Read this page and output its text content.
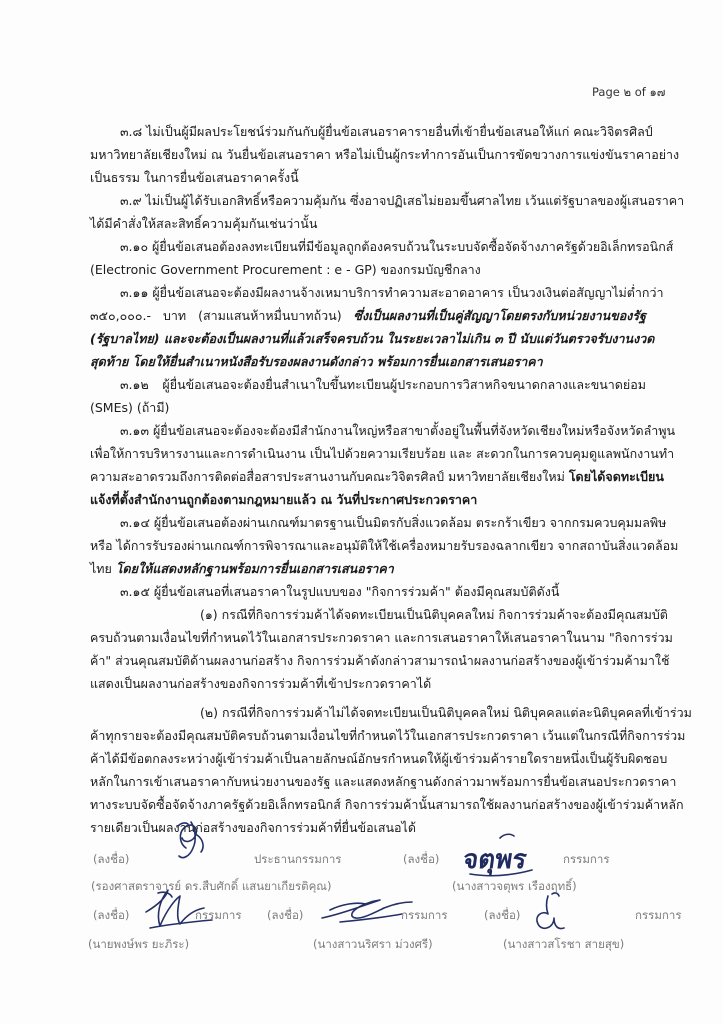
Page ๒ of ๑๗
๓.๘ ไม่เป็นผู้มีผลประโยชน์ร่วมกันกับผู้ยื่นข้อเสนอราคารายอื่นที่เข้ายื่นข้อเสนอให้แก่ คณะวิจิตรศิลป์
มหาวิทยาลัยเชียงใหม่ ณ วันยื่นข้อเสนอราคา หรือไม่เป็นผู้กระทำการอันเป็นการขัดขวางการแข่งขันราคาอย่าง
เป็นธรรม ในการยื่นข้อเสนอราคาครั้งนี้
๓.๙ ไม่เป็นผู้ได้รับเอกสิทธิ์หรือความคุ้มกัน ซึ่งอาจปฏิเสธไม่ยอมขึ้นศาลไทย เว้นแต่รัฐบาลของผู้เสนอราคา
ได้มีคำสั่งให้สละสิทธิ์ความคุ้มกันเช่นว่านั้น
๓.๑๐ ผู้ยื่นข้อเสนอต้องลงทะเบียนที่มีข้อมูลถูกต้องครบถ้วนในระบบจัดซื้อจัดจ้างภาครัฐด้วยอิเล็กทรอนิกส์
(Electronic Government Procurement : e - GP) ของกรมบัญชีกลาง
๓.๑๑ ผู้ยื่นข้อเสนอจะต้องมีผลงานจ้างเหมาบริการทำความสะอาดอาคาร เป็นวงเงินต่อสัญญาไม่ต่ำกว่า
๓๕๐,๐๐๐.- บาท (สามแสนห้าหมื่นบาทถ้วน) ซึ่งเป็นผลงานที่เป็นคู่สัญญาโดยตรงกับหน่วยงานของรัฐ
(รัฐบาลไทย) และจะต้องเป็นผลงานที่แล้วเสร็จครบถ้วน ในระยะเวลาไม่เกิน ๓ ปี นับแต่วันตรวจรับงานงวด
สุดท้าย โดยให้ยื่นสำเนาหนังสือรับรองผลงานดังกล่าว พร้อมการยื่นเอกสารเสนอราคา
๓.๑๒ ผู้ยื่นข้อเสนอจะต้องยื่นสำเนาใบขึ้นทะเบียนผู้ประกอบการวิสาหกิจขนาดกลางและขนาดย่อม
(SMEs) (ถ้ามี)
๓.๑๓ ผู้ยื่นข้อเสนอจะต้องจะต้องมีสำนักงานใหญ่หรือสาขาตั้งอยู่ในพื้นที่จังหวัดเชียงใหม่หรือจังหวัดลำพูน
เพื่อให้การบริหารงานและการดำเนินงาน เป็นไปด้วยความเรียบร้อย และ สะดวกในการควบคุมดูแลพนักงานทำ
ความสะอาดรวมถึงการติดต่อสื่อสารประสานงานกับคณะวิจิตรศิลป์ มหาวิทยาลัยเชียงใหม่ โดยได้จดทะเบียน
แจ้งที่ตั้งสำนักงานถูกต้องตามกฎหมายแล้ว ณ วันที่ประกาศประกวดราคา
๓.๑๔ ผู้ยื่นข้อเสนอต้องผ่านเกณฑ์มาตรฐานเป็นมิตรกับสิ่งแวดล้อม ตระกร้าเขียว จากกรมควบคุมมลพิษ
หรือ ได้การรับรองผ่านเกณฑ์การพิจารณาและอนุมัติให้ใช้เครื่องหมายรับรองฉลากเขียว จากสถาบันสิ่งแวดล้อม
ไทย โดยให้แสดงหลักฐานพร้อมการยื่นเอกสารเสนอราคา
๓.๑๕ ผู้ยื่นข้อเสนอที่เสนอราคาในรูปแบบของ "กิจการร่วมค้า" ต้องมีคุณสมบัติดังนี้
(๑) กรณีที่กิจการร่วมค้าได้จดทะเบียนเป็นนิติบุคคลใหม่ กิจการร่วมค้าจะต้องมีคุณสมบัติ
ครบถ้วนตามเงื่อนไขที่กำหนดไว้ในเอกสารประกวดราคา และการเสนอราคาให้เสนอราคาในนาม "กิจการร่วม
ค้า" ส่วนคุณสมบัติด้านผลงานก่อสร้าง กิจการร่วมค้าดังกล่าวสามารถนำผลงานก่อสร้างของผู้เข้าร่วมค้ามาใช้
แสดงเป็นผลงานก่อสร้างของกิจการร่วมค้าที่เข้าประกวดราคาได้
(๒) กรณีที่กิจการร่วมค้าไม่ได้จดทะเบียนเป็นนิติบุคคลใหม่ นิติบุคคลแต่ละนิติบุคคลที่เข้าร่วม
ค้าทุกรายจะต้องมีคุณสมบัติครบถ้วนตามเงื่อนไขที่กำหนดไว้ในเอกสารประกวดราคา เว้นแต่ในกรณีที่กิจการร่วม
ค้าได้มีข้อตกลงระหว่างผู้เข้าร่วมค้าเป็นลายลักษณ์อักษรกำหนดให้ผู้เข้าร่วมค้ารายใดรายหนึ่งเป็นผู้รับผิดชอบ
หลักในการเข้าเสนอราคากับหน่วยงานของรัฐ และแสดงหลักฐานดังกล่าวมาพร้อมการยื่นข้อเสนอประกวดราคา
ทางระบบจัดซื้อจัดจ้างภาครัฐด้วยอิเล็กทรอนิกส์ กิจการร่วมค้านั้นสามารถใช้ผลงานก่อสร้างของผู้เข้าร่วมค้าหลัก
รายเดียวเป็นผลงานก่อสร้างของกิจการร่วมค้าที่ยื่นข้อเสนอได้
จตุพร
(ลงชื่อ)	ประธานกรรมการ	(ลงชื่อ)	กรรมการ
(รองศาสตราจารย์ ดร.สืบศักดิ์ แสนยาเกียรติคุณ)	(นางสาวจตุพร เรืองฤทธิ์)
(ลงชื่อ)	กรรมการ (ลงชื่อ)	กรรมการ	(ลงชื่อ)	กรรมการ
(นายพงษ์พร ยะภิระ)	(นางสาวนริศรา ม่วงศรี)	(นางสาวสโรชา สายสุข)
